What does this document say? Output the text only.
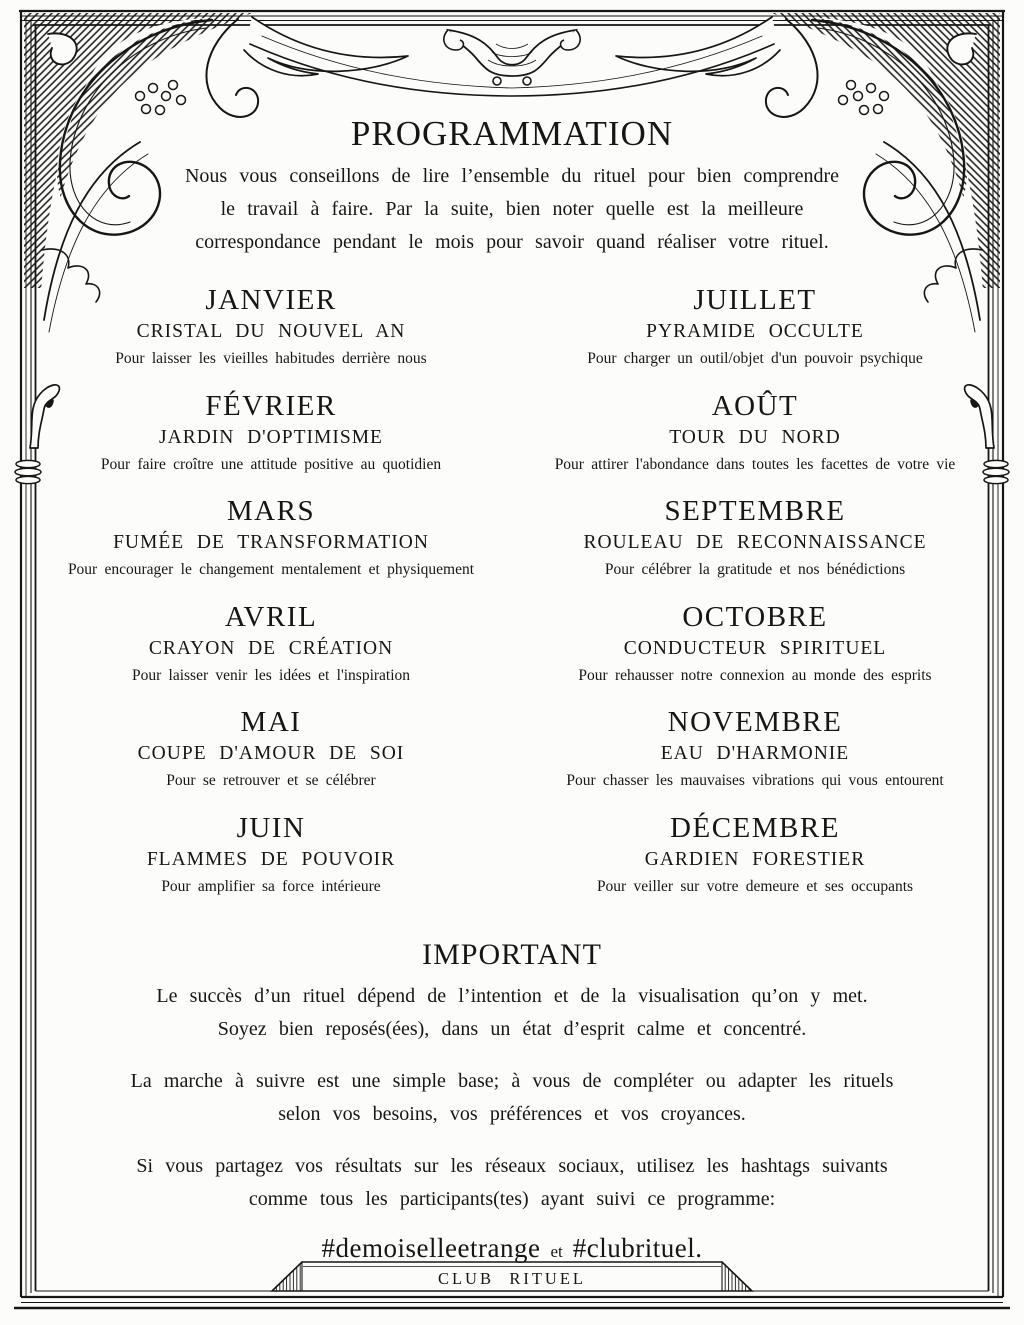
PROGRAMMATION
Nous vous conseillons de lire l’ensemble du rituel pour bien comprendre
le travail à faire. Par la suite, bien noter quelle est la meilleure
correspondance pendant le mois pour savoir quand réaliser votre rituel.
JANVIER
CRISTAL DU NOUVEL AN
Pour laisser les vieilles habitudes derrière nous
FÉVRIER
JARDIN D'OPTIMISME
Pour faire croître une attitude positive au quotidien
MARS
FUMÉE DE TRANSFORMATION
Pour encourager le changement mentalement et physiquement
AVRIL
CRAYON DE CRÉATION
Pour laisser venir les idées et l'inspiration
MAI
COUPE D'AMOUR DE SOI
Pour se retrouver et se célébrer
JUIN
FLAMMES DE POUVOIR
Pour amplifier sa force intérieure
JUILLET
PYRAMIDE OCCULTE
Pour charger un outil/objet d'un pouvoir psychique
AOÛT
TOUR DU NORD
Pour attirer l'abondance dans toutes les facettes de votre vie
SEPTEMBRE
ROULEAU DE RECONNAISSANCE
Pour célébrer la gratitude et nos bénédictions
OCTOBRE
CONDUCTEUR SPIRITUEL
Pour rehausser notre connexion au monde des esprits
NOVEMBRE
EAU D'HARMONIE
Pour chasser les mauvaises vibrations qui vous entourent
DÉCEMBRE
GARDIEN FORESTIER
Pour veiller sur votre demeure et ses occupants
IMPORTANT
Le succès d’un rituel dépend de l’intention et de la visualisation qu’on y met.
Soyez bien reposés(ées), dans un état d’esprit calme et concentré.
La marche à suivre est une simple base; à vous de compléter ou adapter les rituels
selon vos besoins, vos préférences et vos croyances.
Si vous partagez vos résultats sur les réseaux sociaux, utilisez les hashtags suivants
comme tous les participants(tes) ayant suivi ce programme:
#demoiselleetrange et #clubrituel.
CLUB RITUEL
